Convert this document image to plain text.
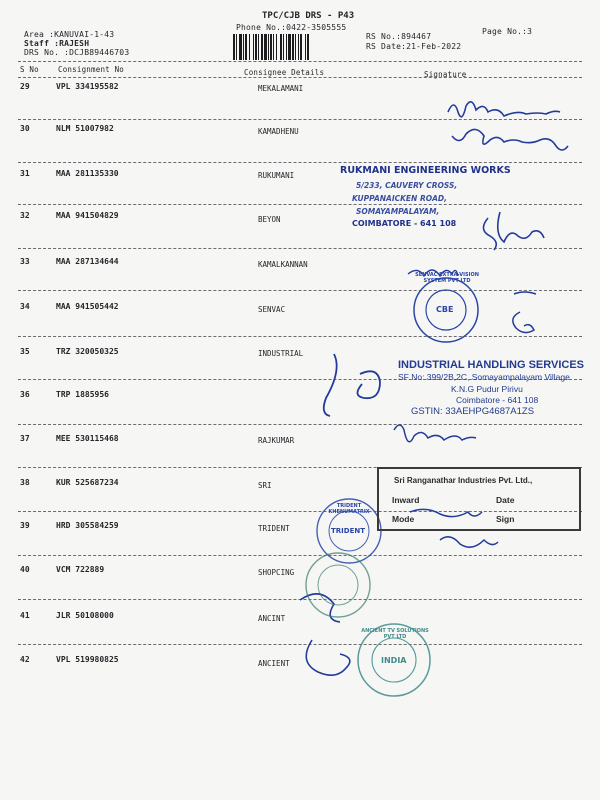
TPC/CJB DRS - P43
Phone No.:0422-3505555
Area :KANUVAI-1-43
Staff :RAJESH
DRS No. :DCJB89446703
RS No.:894467
RS Date:21-Feb-2022
Page No.:3
S No	Consignment No	Consignee Details	Signature
29	VPL 334195582	MEKALAMANI
30	NLM 51007982	KAMADHENU
31	MAA 281135330	RUKUMANI
32	MAA 941504829	BEYON
33	MAA 287134644	KAMALKANNAN
34	MAA 941505442	SENVAC
35	TRZ 320050325	INDUSTRIAL
36	TRP 1885956
37	MEE 530115468	RAJKUMAR
38	KUR 525687234	SRI
39	HRD 305584259	TRIDENT
40	VCM 722889	SHOPCING
41	JLR 50108000	ANCINT
42	VPL 519980825	ANCIENT
RUKMANI ENGINEERING WORKS
5/233, CAUVERY CROSS,
KUPPANAICKEN ROAD,
SOMAYAMPALAYAM,
COIMBATORE - 641 108
SENVAC EXTRA-VISION SYSTEM PVT LTD
CBE
INDUSTRIAL HANDLING SERVICES
SF No: 399/2B,2C, Somayampalayam Village
K.N.G Pudur Pirivu
Coimbatore - 641 108
GSTIN: 33AEHPG4687A1ZS
Sri Ranganathar Industries Pvt. Ltd.,
Inward	Date
Mode	Sign
TRIDENT KHENUMATRIX
TRIDENT
ANCIENT TV SOLUTIONS PVT LTD
INDIA
